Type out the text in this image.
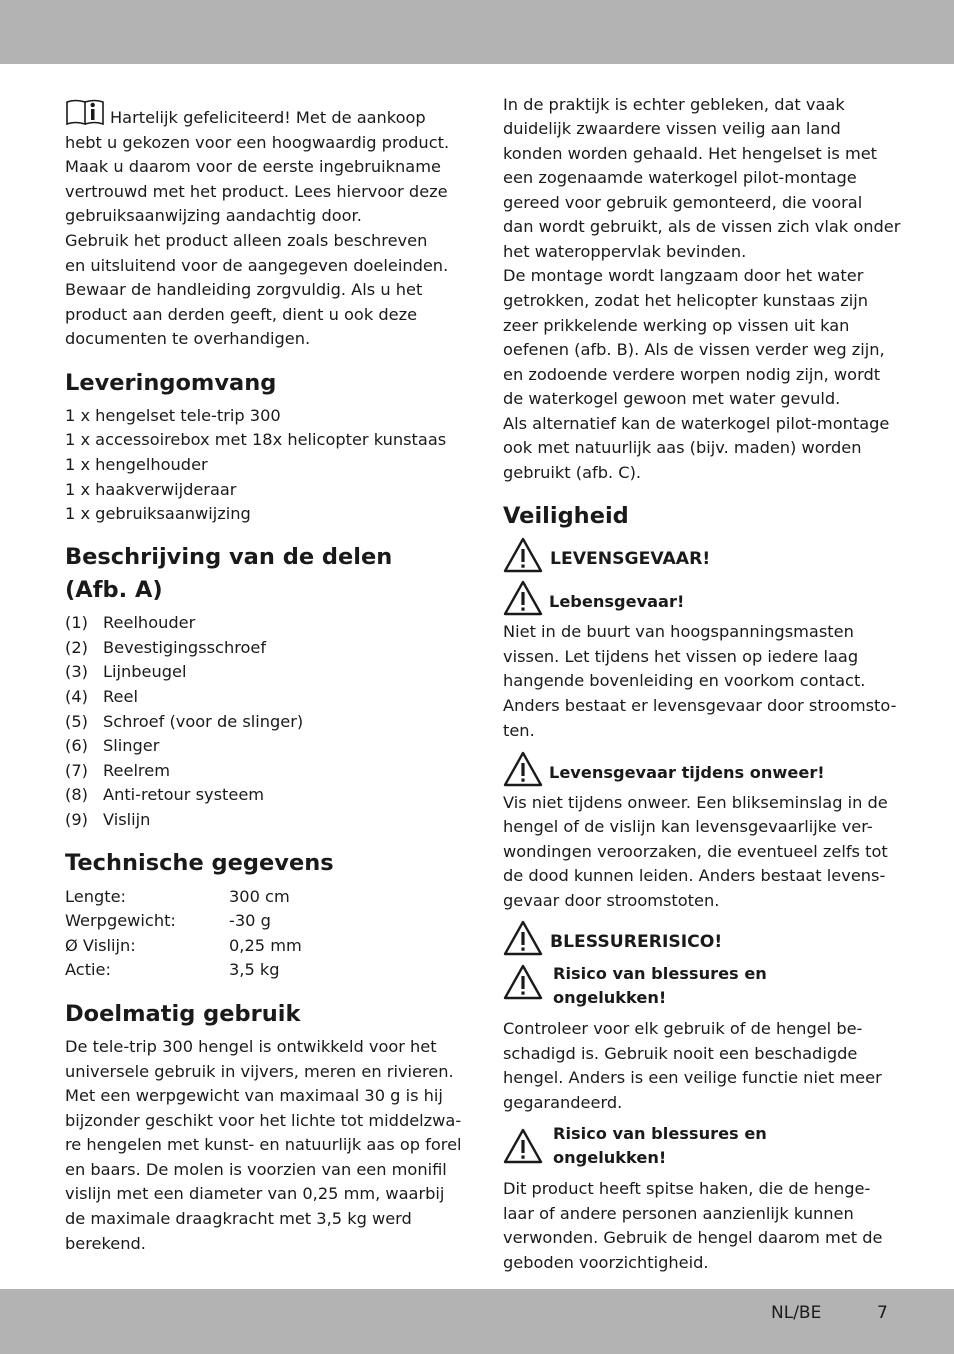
Hartelijk gefeliciteerd! Met de aankoop

hebt u gekozen voor een hoogwaardig product.

Maak u daarom voor de eerste ingebruikname

vertrouwd met het product. Lees hiervoor deze

gebruiksaanwijzing aandachtig door.

Gebruik het product alleen zoals beschreven

en uitsluitend voor de aangegeven doeleinden.

Bewaar de handleiding zorgvuldig. Als u het

product aan derden geeft, dient u ook deze

documenten te overhandigen.

Leveringomvang

1 x hengelset tele-trip 300

1 x accessoirebox met 18x helicopter kunstaas

1 x hengelhouder

1 x haakverwijderaar

1 x gebruiksaanwijzing

Beschrijving van de delen
(Afb. A)

(1) Reelhouder

(2) Bevestigingsschroef

(3) Lijnbeugel

(4) Reel

(5) Schroef (voor de slinger)

(6) Slinger

(7) Reelrem

(8) Anti-retour systeem

(9) Vislijn

Technische gegevens

Lengte:	300 cm

Werpgewicht:	-30 g

Ø Vislijn:	0,25 mm

Actie:	3,5 kg

Doelmatig gebruik

De tele-trip 300 hengel is ontwikkeld voor het

universele gebruik in vijvers, meren en rivieren.

Met een werpgewicht van maximaal 30 g is hij

bijzonder geschikt voor het lichte tot middelzwa-

re hengelen met kunst- en natuurlijk aas op forel

en baars. De molen is voorzien van een monifil

vislijn met een diameter van 0,25 mm, waarbij

de maximale draagkracht met 3,5 kg werd

berekend.

In de praktijk is echter gebleken, dat vaak

duidelijk zwaardere vissen veilig aan land

konden worden gehaald. Het hengelset is met

een zogenaamde waterkogel pilot-montage

gereed voor gebruik gemonteerd, die vooral

dan wordt gebruikt, als de vissen zich vlak onder

het wateroppervlak bevinden.

De montage wordt langzaam door het water

getrokken, zodat het helicopter kunstaas zijn

zeer prikkelende werking op vissen uit kan

oefenen (afb. B). Als de vissen verder weg zijn,

en zodoende verdere worpen nodig zijn, wordt

de waterkogel gewoon met water gevuld.

Als alternatief kan de waterkogel pilot-montage

ook met natuurlijk aas (bijv. maden) worden

gebruikt (afb. C).

Veiligheid

LEVENSGEVAAR!

Lebensgevaar!

Niet in de buurt van hoogspanningsmasten

vissen. Let tijdens het vissen op iedere laag

hangende bovenleiding en voorkom contact.

Anders bestaat er levensgevaar door stroomsto-

ten.

Levensgevaar tijdens onweer!

Vis niet tijdens onweer. Een blikseminslag in de

hengel of de vislijn kan levensgevaarlijke ver-

wondingen veroorzaken, die eventueel zelfs tot

de dood kunnen leiden. Anders bestaat levens-

gevaar door stroomstoten.

BLESSURERISICO!

Risico van blessures en

ongelukken!

Controleer voor elk gebruik of de hengel be-

schadigd is. Gebruik nooit een beschadigde

hengel. Anders is een veilige functie niet meer

gegarandeerd.

Risico van blessures en

ongelukken!

Dit product heeft spitse haken, die de henge-

laar of andere personen aanzienlijk kunnen

verwonden. Gebruik de hengel daarom met de

geboden voorzichtigheid.

NL/BE	7
